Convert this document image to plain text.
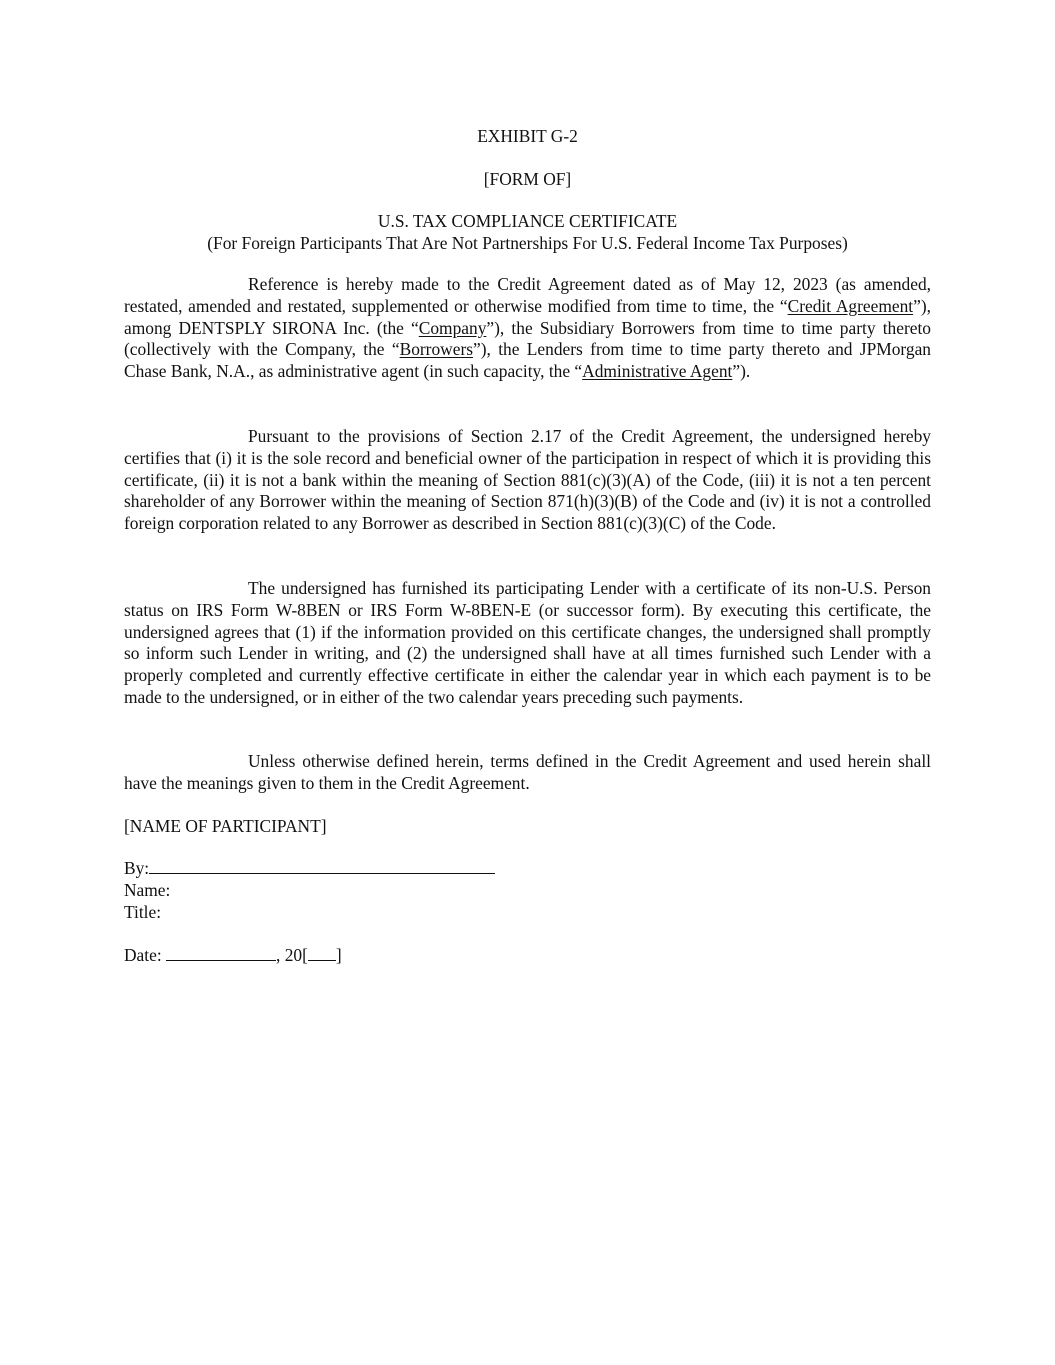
EXHIBIT G-2
[FORM OF]
U.S. TAX COMPLIANCE CERTIFICATE
(For Foreign Participants That Are Not Partnerships For U.S. Federal Income Tax Purposes)

Reference is hereby made to the Credit Agreement dated as of May 12, 2023 (as amended, restated, amended and restated, supplemented or otherwise modified from time to time, the “Credit Agreement”), among DENTSPLY SIRONA Inc. (the “Company”), the Subsidiary Borrowers from time to time party thereto (collectively with the Company, the “Borrowers”), the Lenders from time to time party thereto and JPMorgan Chase Bank, N.A., as administrative agent (in such capacity, the “Administrative Agent”).

Pursuant to the provisions of Section 2.17 of the Credit Agreement, the undersigned hereby certifies that (i) it is the sole record and beneficial owner of the participation in respect of which it is providing this certificate, (ii) it is not a bank within the meaning of Section 881(c)(3)(A) of the Code, (iii) it is not a ten percent shareholder of any Borrower within the meaning of Section 871(h)(3)(B) of the Code and (iv) it is not a controlled foreign corporation related to any Borrower as described in Section 881(c)(3)(C) of the Code.

The undersigned has furnished its participating Lender with a certificate of its non-U.S. Person status on IRS Form W-8BEN or IRS Form W-8BEN-E (or successor form). By executing this certificate, the undersigned agrees that (1) if the information provided on this certificate changes, the undersigned shall promptly so inform such Lender in writing, and (2) the undersigned shall have at all times furnished such Lender with a properly completed and currently effective certificate in either the calendar year in which each payment is to be made to the undersigned, or in either of the two calendar years preceding such payments.

Unless otherwise defined herein, terms defined in the Credit Agreement and used herein shall have the meanings given to them in the Credit Agreement.

[NAME OF PARTICIPANT]
By:
Name:
Title:
Date:	, 20[ ]
